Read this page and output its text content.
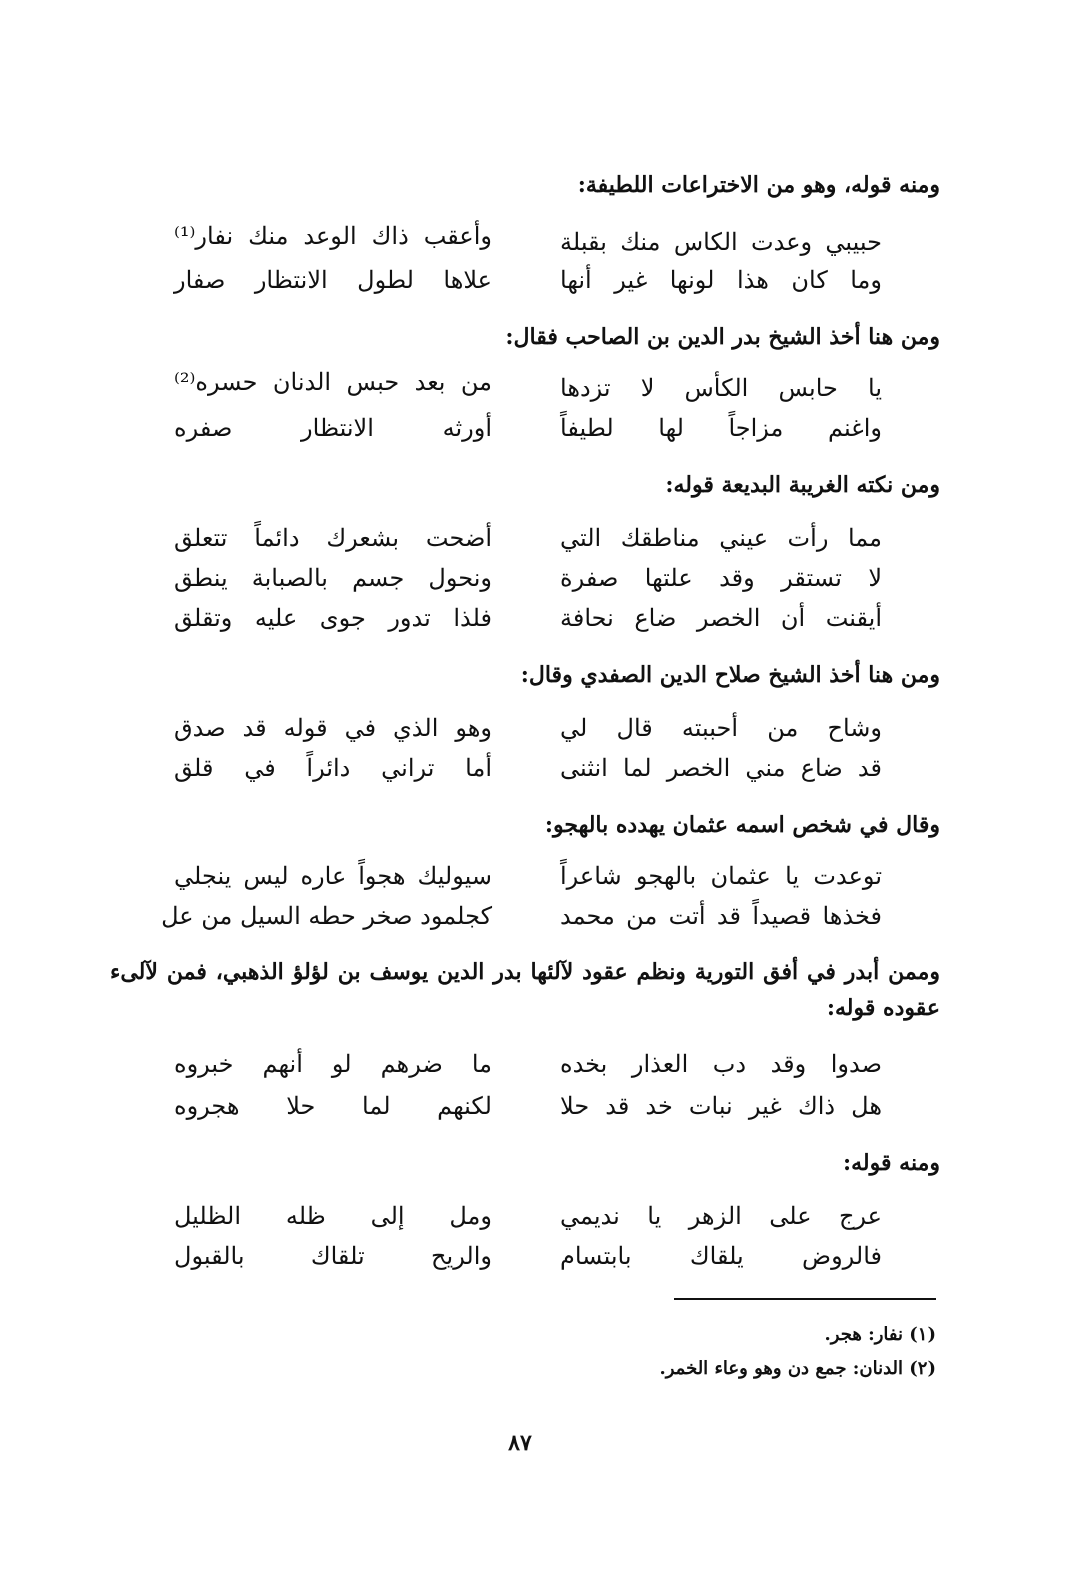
ومنه قوله، وهو من الاختراعات اللطيفة:
حبيبي وعدت الكاس منك بقبلة
وأعقب ذاك الوعد منك نفار⁽¹⁾
وما كان هذا لونها غير أنها
علاها لطول الانتظار صفار
ومن هنا أخذ الشيخ بدر الدين بن الصاحب فقال:
يا حابس الكأس لا تزدها
من بعد حبس الدنان حسره⁽²⁾
واغنم مزاجاً لها لطيفاً
أورثه الانتظار صفره
ومن نكته الغريبة البديعة قوله:
مما رأت عيني مناطقك التي
أضحت بشعرك دائماً تتعلق
لا تستقر وقد علتها صفرة
ونحول جسم بالصبابة ينطق
أيقنت أن الخصر ضاع نحافة
فلذا تدور جوى عليه وتقلق
ومن هنا أخذ الشيخ صلاح الدين الصفدي وقال:
وشاح من أحببته قال لي
وهو الذي في قوله قد صدق
قد ضاع مني الخصر لما انثنى
أما تراني دائراً في قلق
وقال في شخص اسمه عثمان يهدده بالهجو:
توعدت يا عثمان بالهجو شاعراً
سيوليك هجواً عاره ليس ينجلي
فخذها قصيداً قد أتت من محمد
كجلمود صخر حطه السيل من عل
وممن أبدر في أفق التورية ونظم عقود لآلئها بدر الدين يوسف بن لؤلؤ الذهبي، فمن لآلىء عقوده قوله:
صدوا وقد دب العذار بخده
ما ضرهم لو أنهم خبروه
هل ذاك غير نبات خد قد حلا
لكنهم لما حلا هجروه
ومنه قوله:
عرج على الزهر يا نديمي
ومل إلى ظله الظليل
فالروض يلقاك بابتسام
والريح تلقاك بالقبول
(١) نفار: هجر.
(٢) الدنان: جمع دن وهو وعاء الخمر.
٨٧
